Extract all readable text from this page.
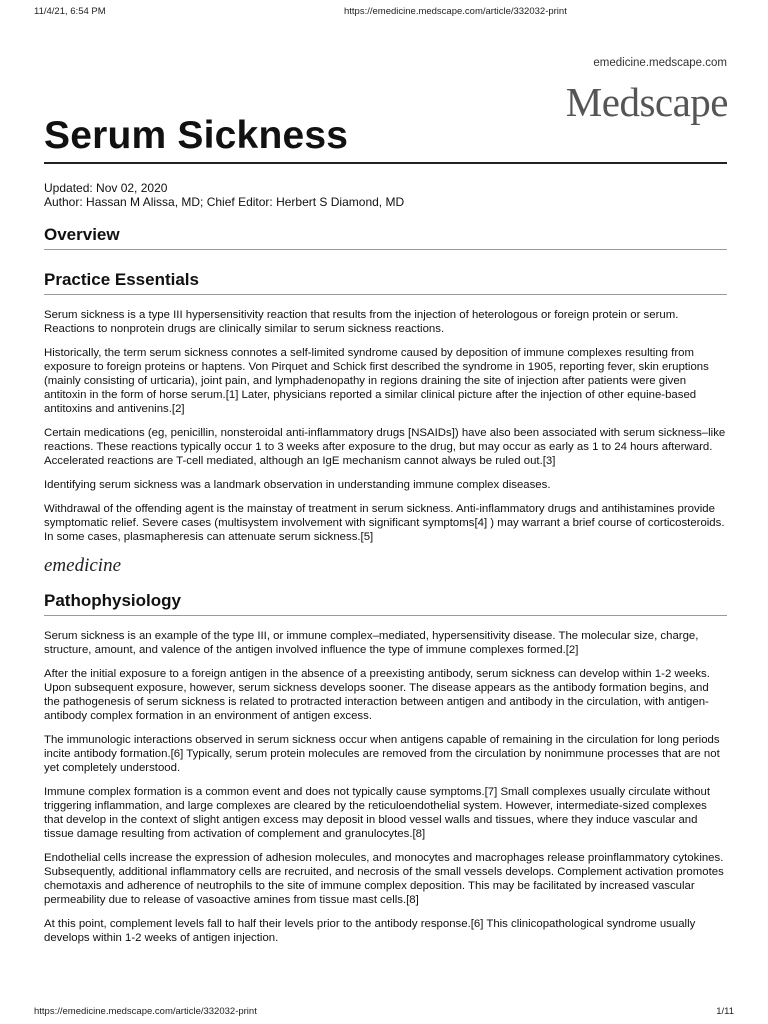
11/4/21, 6:54 PM	https://emedicine.medscape.com/article/332032-print
emedicine.medscape.com
Medscape
Serum Sickness
Updated: Nov 02, 2020
Author: Hassan M Alissa, MD; Chief Editor: Herbert S Diamond, MD
Overview
Practice Essentials

Serum sickness is a type III hypersensitivity reaction that results from the injection of heterologous or foreign protein or serum. Reactions to nonprotein drugs are clinically similar to serum sickness reactions.

Historically, the term serum sickness connotes a self-limited syndrome caused by deposition of immune complexes resulting from exposure to foreign proteins or haptens. Von Pirquet and Schick first described the syndrome in 1905, reporting fever, skin eruptions (mainly consisting of urticaria), joint pain, and lymphadenopathy in regions draining the site of injection after patients were given antitoxin in the form of horse serum.[1] Later, physicians reported a similar clinical picture after the injection of other equine-based antitoxins and antivenins.[2]

Certain medications (eg, penicillin, nonsteroidal anti-inflammatory drugs [NSAIDs]) have also been associated with serum sickness–like reactions. These reactions typically occur 1 to 3 weeks after exposure to the drug, but may occur as early as 1 to 24 hours afterward. Accelerated reactions are T-cell mediated, although an IgE mechanism cannot always be ruled out.[3]

Identifying serum sickness was a landmark observation in understanding immune complex diseases.

Withdrawal of the offending agent is the mainstay of treatment in serum sickness. Anti-inflammatory drugs and antihistamines provide symptomatic relief. Severe cases (multisystem involvement with significant symptoms[4] ) may warrant a brief course of corticosteroids. In some cases, plasmapheresis can attenuate serum sickness.[5]

emedicine
Pathophysiology

Serum sickness is an example of the type III, or immune complex–mediated, hypersensitivity disease. The molecular size, charge, structure, amount, and valence of the antigen involved influence the type of immune complexes formed.[2]

After the initial exposure to a foreign antigen in the absence of a preexisting antibody, serum sickness can develop within 1-2 weeks. Upon subsequent exposure, however, serum sickness develops sooner. The disease appears as the antibody formation begins, and the pathogenesis of serum sickness is related to protracted interaction between antigen and antibody in the circulation, with antigen-antibody complex formation in an environment of antigen excess.

The immunologic interactions observed in serum sickness occur when antigens capable of remaining in the circulation for long periods incite antibody formation.[6] Typically, serum protein molecules are removed from the circulation by nonimmune processes that are not yet completely understood.

Immune complex formation is a common event and does not typically cause symptoms.[7] Small complexes usually circulate without triggering inflammation, and large complexes are cleared by the reticuloendothelial system. However, intermediate-sized complexes that develop in the context of slight antigen excess may deposit in blood vessel walls and tissues, where they induce vascular and tissue damage resulting from activation of complement and granulocytes.[8]

Endothelial cells increase the expression of adhesion molecules, and monocytes and macrophages release proinflammatory cytokines. Subsequently, additional inflammatory cells are recruited, and necrosis of the small vessels develops. Complement activation promotes chemotaxis and adherence of neutrophils to the site of immune complex deposition. This may be facilitated by increased vascular permeability due to release of vasoactive amines from tissue mast cells.[8]

At this point, complement levels fall to half their levels prior to the antibody response.[6] This clinicopathological syndrome usually develops within 1-2 weeks of antigen injection.

https://emedicine.medscape.com/article/332032-print	1/11
